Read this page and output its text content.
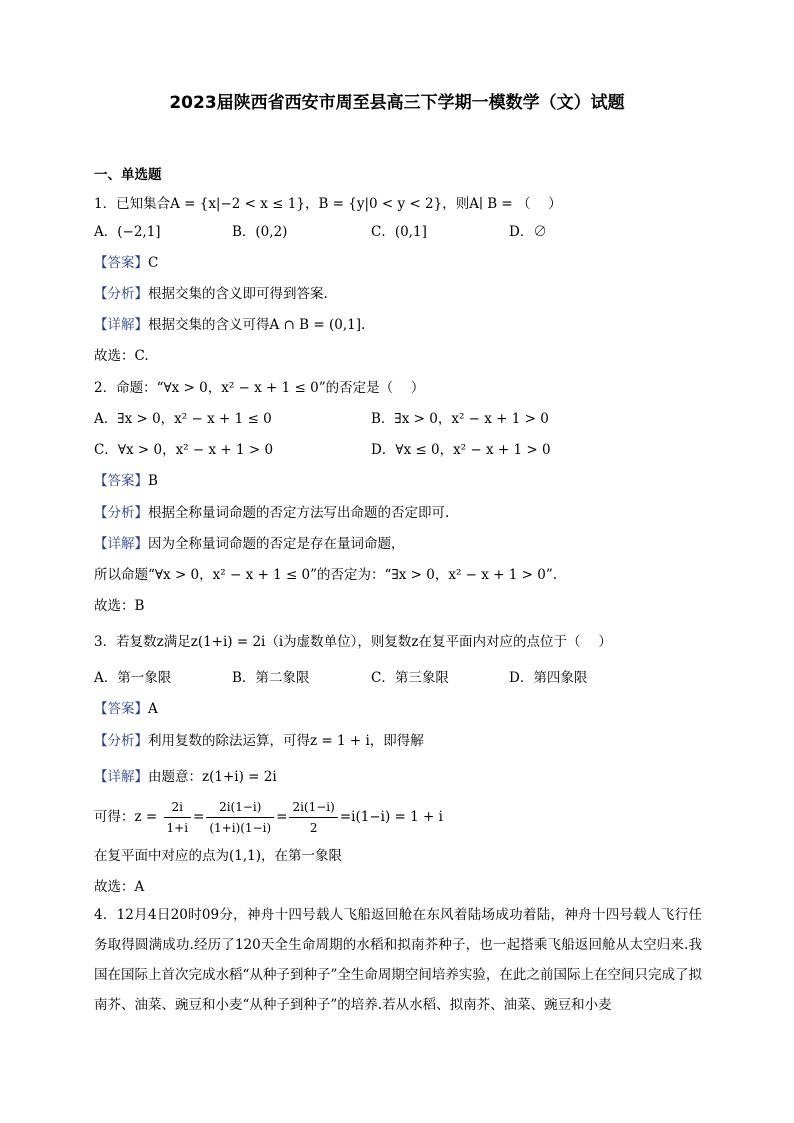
2023届陕西省西安市周至县高三下学期一模数学（文）试题
一、单选题
1．已知集合A = {x|−2 < x ≤ 1}，B = {y|0 < y < 2}，则A∣ B = （　 ）
A．(−2,1]	B．(0,2)	C．(0,1]	D．∅
【答案】C
【分析】根据交集的含义即可得到答案.
【详解】根据交集的含义可得A ∩ B = (0,1].
故选：C.
2．命题：“∀x > 0，x² − x + 1 ≤ 0”的否定是（　 ）
A．∃x > 0，x² − x + 1 ≤ 0	B．∃x > 0，x² − x + 1 > 0
C．∀x > 0，x² − x + 1 > 0	D．∀x ≤ 0，x² − x + 1 > 0
【答案】B
【分析】根据全称量词命题的否定方法写出命题的否定即可.
【详解】因为全称量词命题的否定是存在量词命题，
所以命题“∀x > 0，x² − x + 1 ≤ 0”的否定为：“∃x > 0，x² − x + 1 > 0”.
故选：B
3．若复数z满足z(1+i) = 2i（i为虚数单位），则复数z在复平面内对应的点位于（　 ）
A．第一象限	B．第二象限	C．第三象限	D．第四象限
【答案】A
【分析】利用复数的除法运算，可得z = 1 + i，即得解
【详解】由题意：z(1+i) = 2i
可得：$z = \frac{2i}{1+i} = \frac{2i(1-i)}{(1+i)(1-i)} = \frac{2i(1-i)}{2} =i(1-i) = 1 + i$
在复平面中对应的点为(1,1)，在第一象限
故选：A
4．12月4日20时09分，神舟十四号载人飞船返回舱在东风着陆场成功着陆，神舟十四号载人飞行任务取得圆满成功.经历了120天全生命周期的水稻和拟南芥种子，也一起搭乘飞船返回舱从太空归来.我国在国际上首次完成水稻“从种子到种子”全生命周期空间培养实验，在此之前国际上在空间只完成了拟南芥、油菜、豌豆和小麦“从种子到种子”的培养.若从水稻、拟南芥、油菜、豌豆和小麦
